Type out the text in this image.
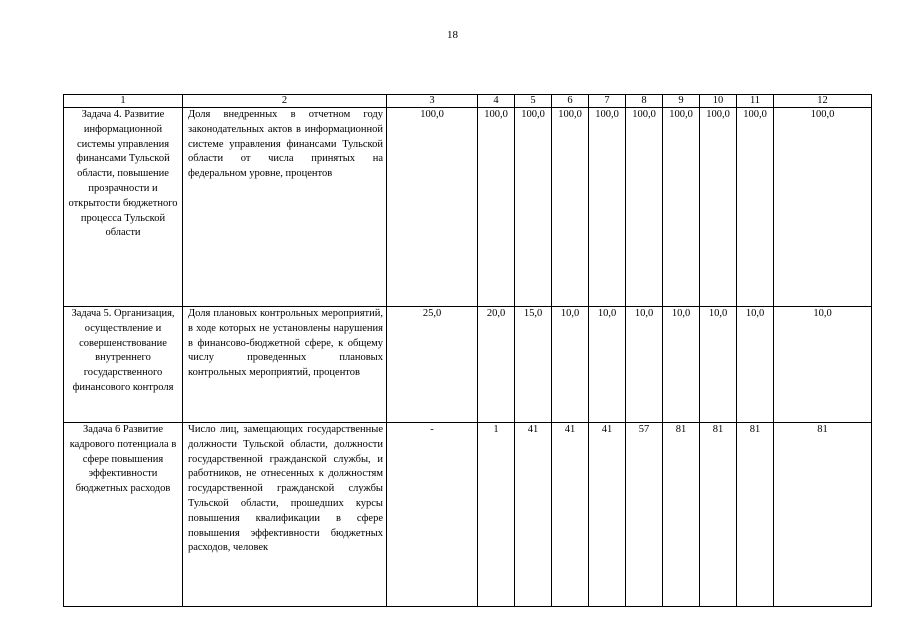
18
1	2	3	4	5	6	7	8	9	10	11	12
Задача 4. Развитие информационной системы управления финансами Тульской области, повышение прозрачности и открытости бюджетного процесса Тульской области	Доля внедренных в отчетном году законодательных актов в информационной системе управления финансами Тульской области от числа принятых на федеральном уровне, процентов	100,0	100,0	100,0	100,0	100,0	100,0	100,0	100,0	100,0	100,0
Задача 5. Организация, осуществление и совершенствование внутреннего государственного финансового контроля	Доля плановых контрольных мероприятий, в ходе которых не установлены нарушения в финансово-бюджетной сфере, к общему числу проведенных плановых контрольных мероприятий, процентов	25,0	20,0	15,0	10,0	10,0	10,0	10,0	10,0	10,0	10,0
Задача 6 Развитие кадрового потенциала в сфере повышения эффективности бюджетных расходов	Число лиц, замещающих государственные должности Тульской области, должности государственной гражданской службы, и работников, не отнесенных к должностям государственной гражданской службы Тульской области, прошедших курсы повышения квалификации в сфере повышения эффективности бюджетных расходов, человек	-	1	41	41	41	57	81	81	81	81
